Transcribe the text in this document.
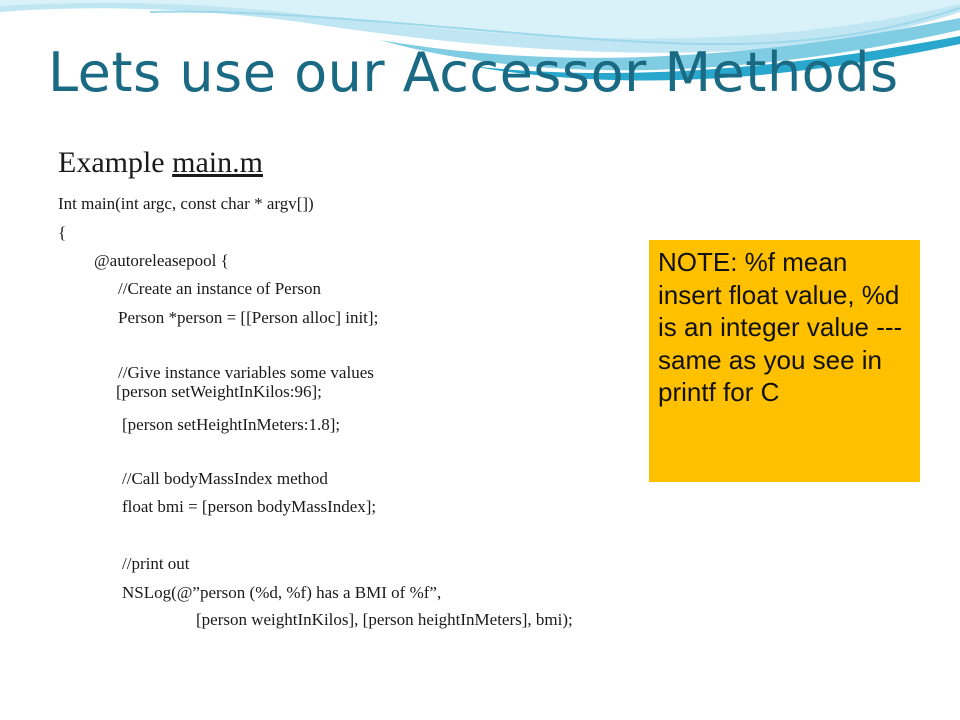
Lets use our Accessor Methods
Example main.m
Int main(int argc, const char * argv[])
{
@autoreleasepool {
//Create an instance of Person
Person *person = [[Person alloc] init];
//Give instance variables some values
[person setWeightInKilos:96];
[person setHeightInMeters:1.8];
//Call bodyMassIndex method
float bmi = [person bodyMassIndex];
//print out
NSLog(@”person (%d, %f) has a BMI of %f”,
[person weightInKilos], [person heightInMeters], bmi);
NOTE: %f mean insert float value, %d is an integer value --- same as you see in printf for C
